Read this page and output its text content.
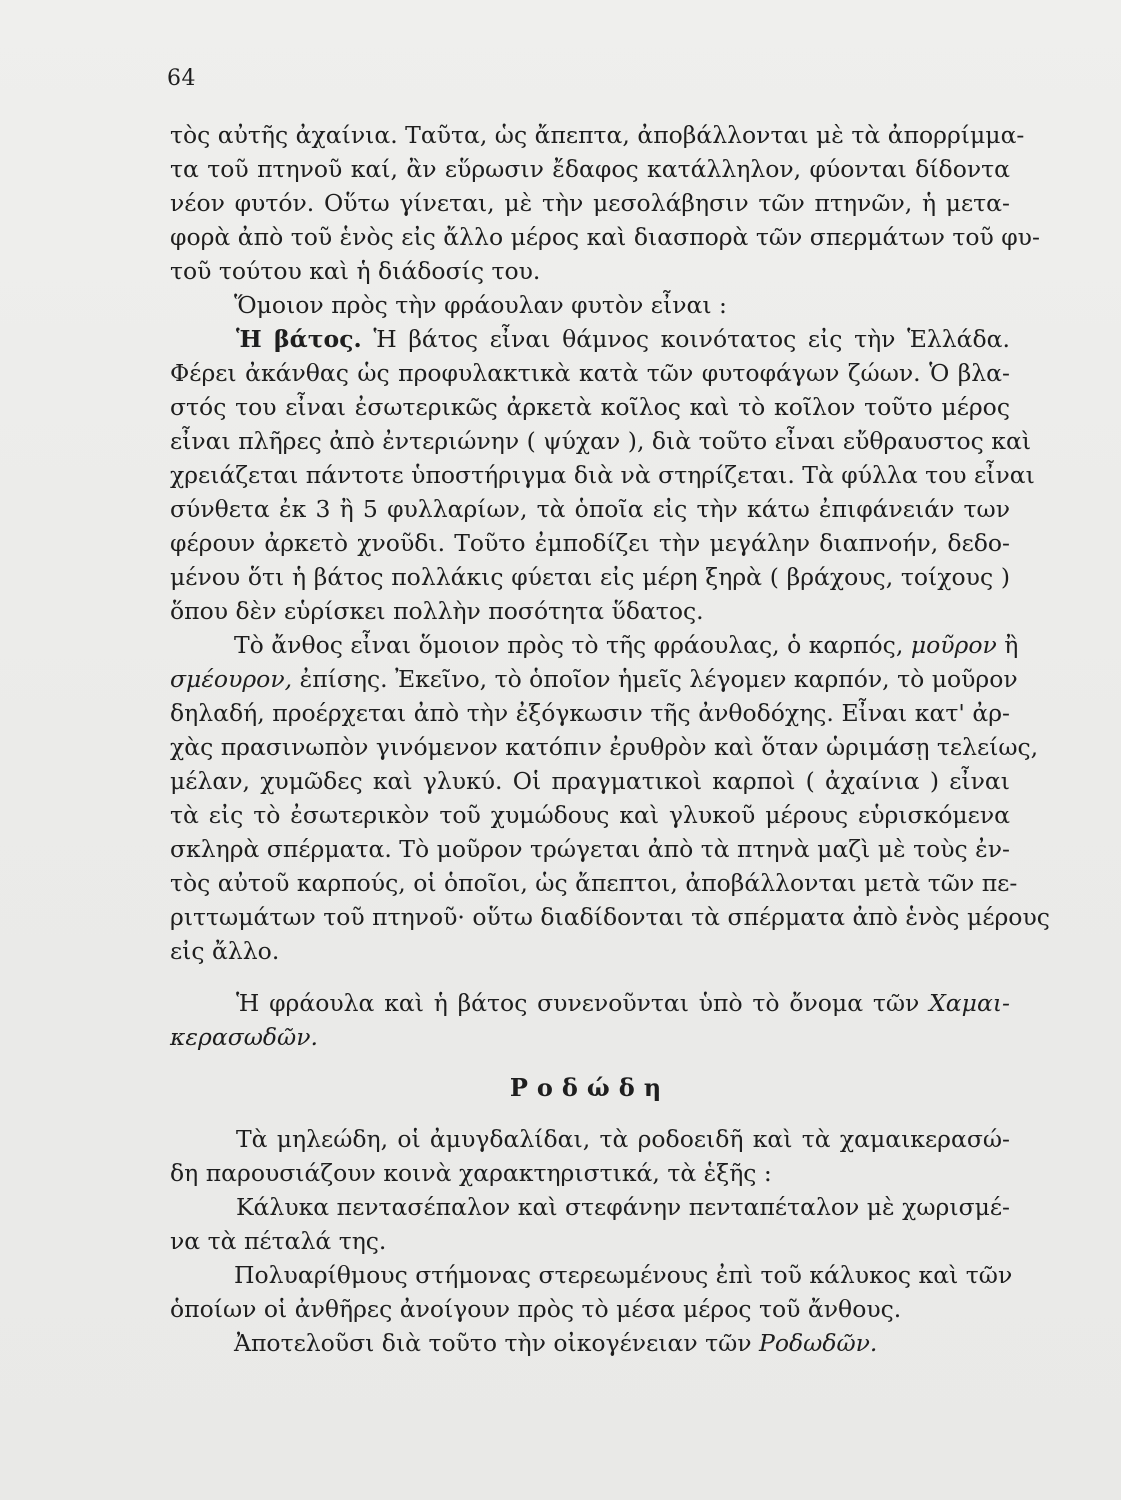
64
τὸς αὐτῆς ἀχαίνια. Ταῦτα, ὡς ἄπεπτα, ἀποβάλλονται μὲ τὰ ἀπορρίμμα-
τα τοῦ πτηνοῦ καί, ἂν εὕρωσιν ἔδαφος κατάλληλον, φύονται δίδοντα
νέον φυτόν. Οὕτω γίνεται, μὲ τὴν μεσολάβησιν τῶν πτηνῶν, ἡ μετα-
φορὰ ἀπὸ τοῦ ἑνὸς εἰς ἄλλο μέρος καὶ διασπορὰ τῶν σπερμάτων τοῦ φυ-
τοῦ τούτου καὶ ἡ διάδοσίς του.
Ὅμοιον πρὸς τὴν φράουλαν φυτὸν εἶναι :
Ἡ βάτος. Ἡ βάτος εἶναι θάμνος κοινότατος εἰς τὴν Ἑλλάδα.
Φέρει ἀκάνθας ὡς προφυλακτικὰ κατὰ τῶν φυτοφάγων ζώων. Ὁ βλα-
στός του εἶναι ἐσωτερικῶς ἀρκετὰ κοῖλος καὶ τὸ κοῖλον τοῦτο μέρος
εἶναι πλῆρες ἀπὸ ἐντεριώνην ( ψύχαν ), διὰ τοῦτο εἶναι εὔθραυστος καὶ
χρειάζεται πάντοτε ὑποστήριγμα διὰ νὰ στηρίζεται. Τὰ φύλλα του εἶναι
σύνθετα ἐκ 3 ἢ 5 φυλλαρίων, τὰ ὁποῖα εἰς τὴν κάτω ἐπιφάνειάν των
φέρουν ἀρκετὸ χνοῦδι. Τοῦτο ἐμποδίζει τὴν μεγάλην διαπνοήν, δεδο-
μένου ὅτι ἡ βάτος πολλάκις φύεται εἰς μέρη ξηρὰ ( βράχους, τοίχους )
ὅπου δὲν εὑρίσκει πολλὴν ποσότητα ὕδατος.
Τὸ ἄνθος εἶναι ὅμοιον πρὸς τὸ τῆς φράουλας, ὁ καρπός, μοῦρον ἢ
σμέουρον, ἐπίσης. Ἐκεῖνο, τὸ ὁποῖον ἡμεῖς λέγομεν καρπόν, τὸ μοῦρον
δηλαδή, προέρχεται ἀπὸ τὴν ἐξόγκωσιν τῆς ἀνθοδόχης. Εἶναι κατ' ἀρ-
χὰς πρασινωπὸν γινόμενον κατόπιν ἐρυθρὸν καὶ ὅταν ὡριμάσῃ τελείως,
μέλαν, χυμῶδες καὶ γλυκύ. Οἱ πραγματικοὶ καρποὶ ( ἀχαίνια ) εἶναι
τὰ εἰς τὸ ἐσωτερικὸν τοῦ χυμώδους καὶ γλυκοῦ μέρους εὑρισκόμενα
σκληρὰ σπέρματα. Τὸ μοῦρον τρώγεται ἀπὸ τὰ πτηνὰ μαζὶ μὲ τοὺς ἐν-
τὸς αὐτοῦ καρπούς, οἱ ὁποῖοι, ὡς ἄπεπτοι, ἀποβάλλονται μετὰ τῶν πε-
ριττωμάτων τοῦ πτηνοῦ· οὕτω διαδίδονται τὰ σπέρματα ἀπὸ ἑνὸς μέρους
εἰς ἄλλο.
Ἡ φράουλα καὶ ἡ βάτος συνενοῦνται ὑπὸ τὸ ὄνομα τῶν Χαμαι-
κερασωδῶν.
Ροδώδη
Τὰ μηλεώδη, οἱ ἀμυγδαλίδαι, τὰ ροδοειδῆ καὶ τὰ χαμαικερασώ-
δη παρουσιάζουν κοινὰ χαρακτηριστικά, τὰ ἑξῆς :
Κάλυκα πεντασέπαλον καὶ στεφάνην πενταπέταλον μὲ χωρισμέ-
να τὰ πέταλά της.
Πολυαρίθμους στήμονας στερεωμένους ἐπὶ τοῦ κάλυκος καὶ τῶν
ὁποίων οἱ ἀνθῆρες ἀνοίγουν πρὸς τὸ μέσα μέρος τοῦ ἄνθους.
Ἀποτελοῦσι διὰ τοῦτο τὴν οἰκογένειαν τῶν Ροδωδῶν.
